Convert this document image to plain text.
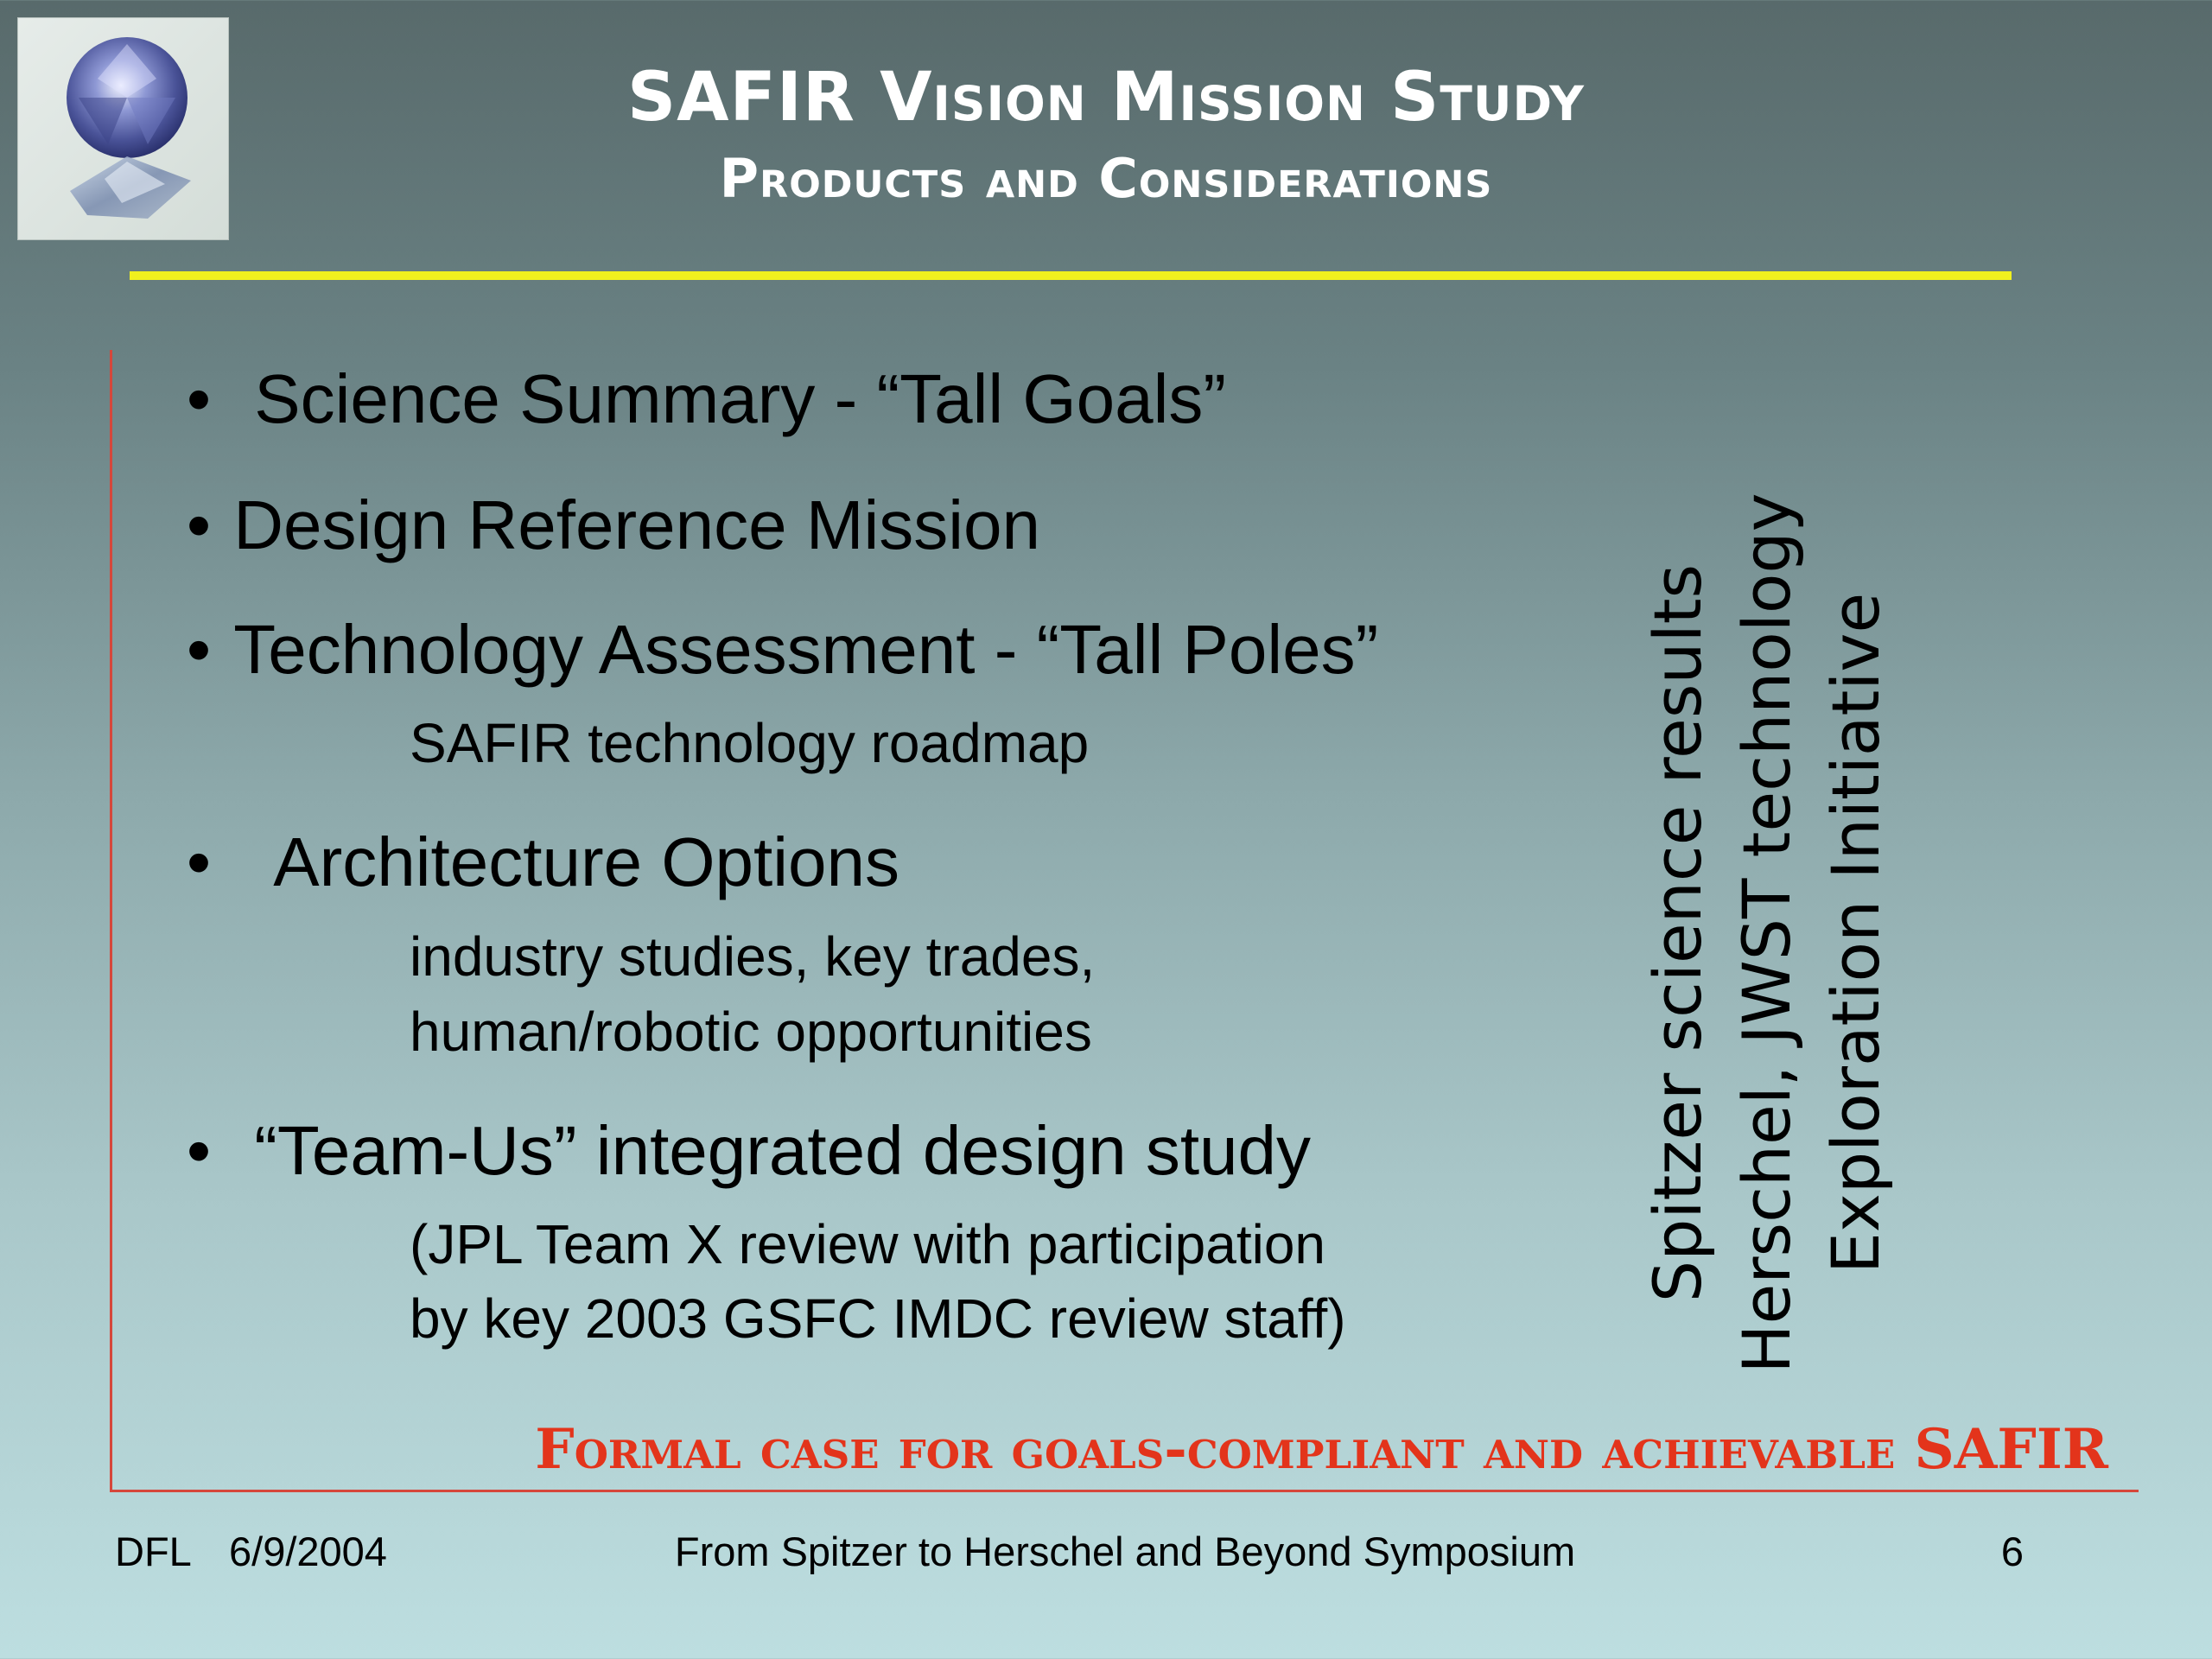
SAFIR Vision Mission Study
Products and Considerations
• Science Summary - “Tall Goals”
• Design Reference Mission
• Technology Assessment - “Tall Poles”
SAFIR technology roadmap
• Architecture Options
industry studies, key trades,
human/robotic opportunities
• “Team-Us” integrated design study
(JPL Team X review with participation
by key 2003 GSFC IMDC review staff)
Spitzer science results Herschel, JWST technology Exploration Initiative
Formal case for goals-compliant and achievable SAFIR
DFL 6/9/2004	From Spitzer to Herschel and Beyond Symposium	6
